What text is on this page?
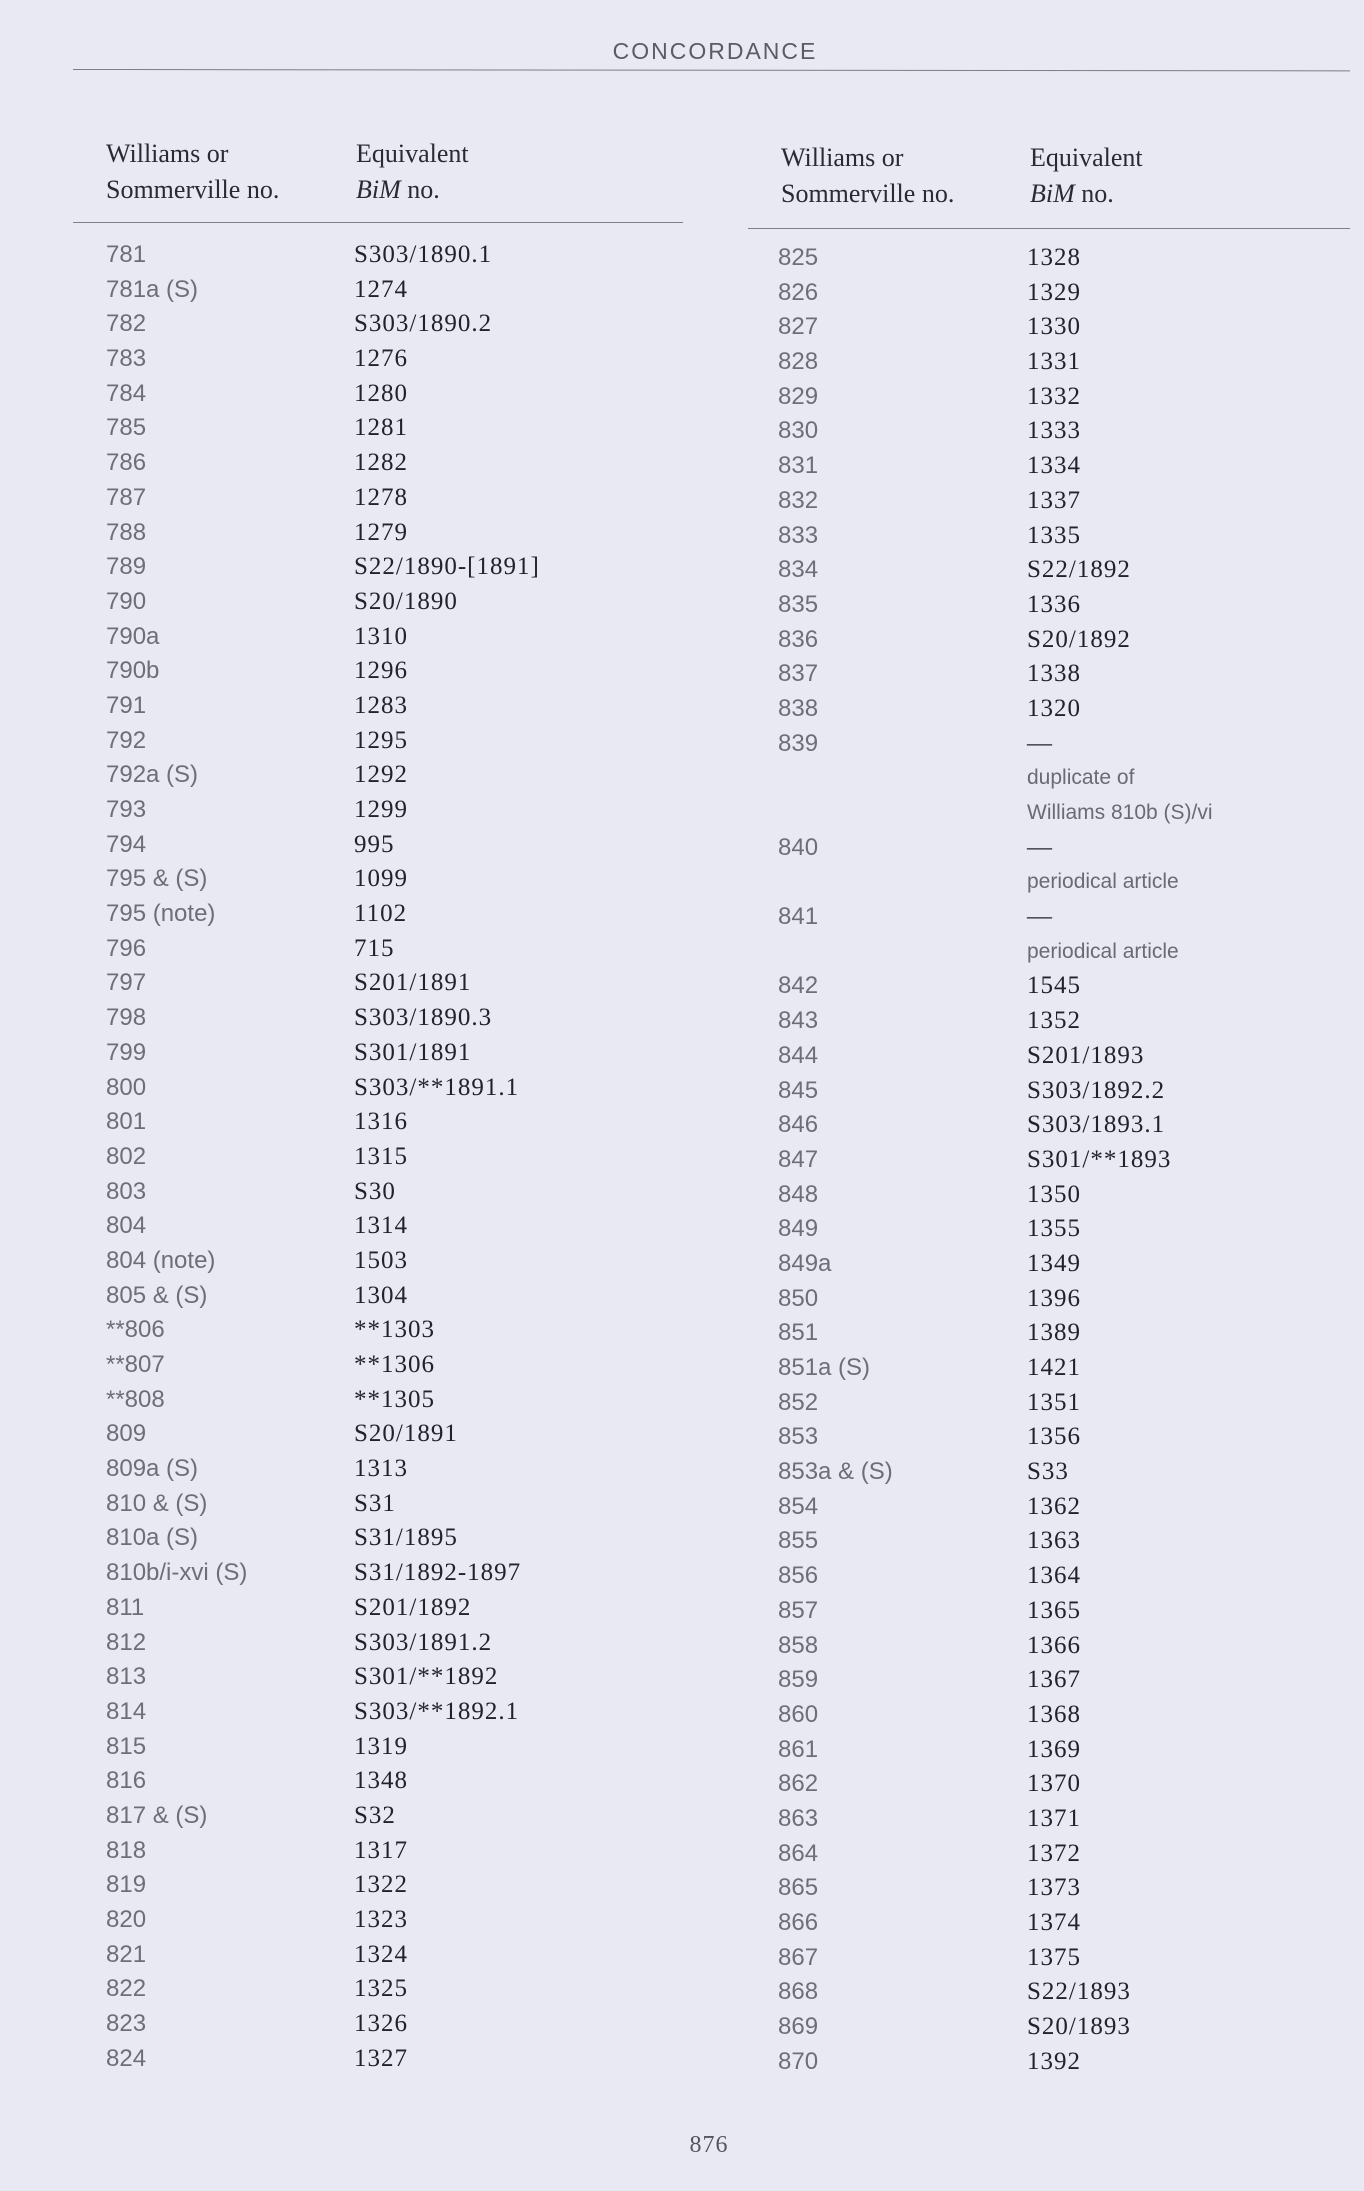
CONCORDANCE
Williams or
Sommerville no.
Equivalent
BiM no.
781	S303/1890.1
781a (S)	1274
782	S303/1890.2
783	1276
784	1280
785	1281
786	1282
787	1278
788	1279
789	S22/1890-[1891]
790	S20/1890
790a	1310
790b	1296
791	1283
792	1295
792a (S)	1292
793	1299
794	995
795 & (S)	1099
795 (note)	1102
796	715
797	S201/1891
798	S303/1890.3
799	S301/1891
800	S303/**1891.1
801	1316
802	1315
803	S30
804	1314
804 (note)	1503
805 & (S)	1304
**806	**1303
**807	**1306
**808	**1305
809	S20/1891
809a (S)	1313
810 & (S)	S31
810a (S)	S31/1895
810b/i-xvi (S)	S31/1892-1897
811	S201/1892
812	S303/1891.2
813	S301/**1892
814	S303/**1892.1
815	1319
816	1348
817 & (S)	S32
818	1317
819	1322
820	1323
821	1324
822	1325
823	1326
824	1327
Williams or
Sommerville no.
Equivalent
BiM no.
825	1328
826	1329
827	1330
828	1331
829	1332
830	1333
831	1334
832	1337
833	1335
834	S22/1892
835	1336
836	S20/1892
837	1338
838	1320
839	—
duplicate of
Williams 810b (S)/vi
840	—
periodical article
841	—
periodical article
842	1545
843	1352
844	S201/1893
845	S303/1892.2
846	S303/1893.1
847	S301/**1893
848	1350
849	1355
849a	1349
850	1396
851	1389
851a (S)	1421
852	1351
853	1356
853a & (S)	S33
854	1362
855	1363
856	1364
857	1365
858	1366
859	1367
860	1368
861	1369
862	1370
863	1371
864	1372
865	1373
866	1374
867	1375
868	S22/1893
869	S20/1893
870	1392
876
